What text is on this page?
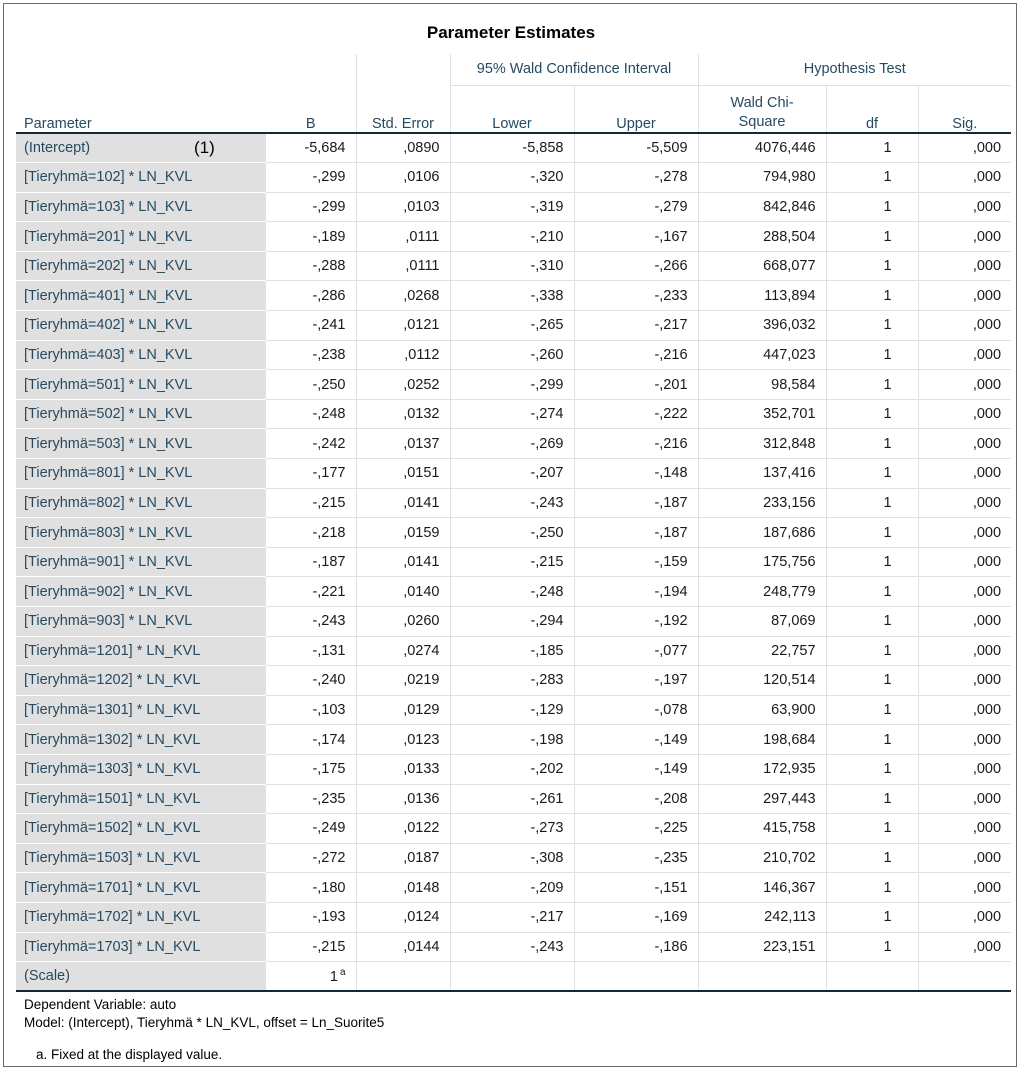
Parameter Estimates
			95% Wald Confidence Interval		Hypothesis Test		
Parameter	B	Std. Error	Lower	Upper	Wald Chi-Square	df	Sig.
(Intercept) (1)	-5,684	,0890	-5,858	-5,509	4076,446	1	,000
[Tieryhmä=102] * LN_KVL	-,299	,0106	-,320	-,278	794,980	1	,000
[Tieryhmä=103] * LN_KVL	-,299	,0103	-,319	-,279	842,846	1	,000
[Tieryhmä=201] * LN_KVL	-,189	,0111	-,210	-,167	288,504	1	,000
[Tieryhmä=202] * LN_KVL	-,288	,0111	-,310	-,266	668,077	1	,000
[Tieryhmä=401] * LN_KVL	-,286	,0268	-,338	-,233	113,894	1	,000
[Tieryhmä=402] * LN_KVL	-,241	,0121	-,265	-,217	396,032	1	,000
[Tieryhmä=403] * LN_KVL	-,238	,0112	-,260	-,216	447,023	1	,000
[Tieryhmä=501] * LN_KVL	-,250	,0252	-,299	-,201	98,584	1	,000
[Tieryhmä=502] * LN_KVL	-,248	,0132	-,274	-,222	352,701	1	,000
[Tieryhmä=503] * LN_KVL	-,242	,0137	-,269	-,216	312,848	1	,000
[Tieryhmä=801] * LN_KVL	-,177	,0151	-,207	-,148	137,416	1	,000
[Tieryhmä=802] * LN_KVL	-,215	,0141	-,243	-,187	233,156	1	,000
[Tieryhmä=803] * LN_KVL	-,218	,0159	-,250	-,187	187,686	1	,000
[Tieryhmä=901] * LN_KVL	-,187	,0141	-,215	-,159	175,756	1	,000
[Tieryhmä=902] * LN_KVL	-,221	,0140	-,248	-,194	248,779	1	,000
[Tieryhmä=903] * LN_KVL	-,243	,0260	-,294	-,192	87,069	1	,000
[Tieryhmä=1201] * LN_KVL	-,131	,0274	-,185	-,077	22,757	1	,000
[Tieryhmä=1202] * LN_KVL	-,240	,0219	-,283	-,197	120,514	1	,000
[Tieryhmä=1301] * LN_KVL	-,103	,0129	-,129	-,078	63,900	1	,000
[Tieryhmä=1302] * LN_KVL	-,174	,0123	-,198	-,149	198,684	1	,000
[Tieryhmä=1303] * LN_KVL	-,175	,0133	-,202	-,149	172,935	1	,000
[Tieryhmä=1501] * LN_KVL	-,235	,0136	-,261	-,208	297,443	1	,000
[Tieryhmä=1502] * LN_KVL	-,249	,0122	-,273	-,225	415,758	1	,000
[Tieryhmä=1503] * LN_KVL	-,272	,0187	-,308	-,235	210,702	1	,000
[Tieryhmä=1701] * LN_KVL	-,180	,0148	-,209	-,151	146,367	1	,000
[Tieryhmä=1702] * LN_KVL	-,193	,0124	-,217	-,169	242,113	1	,000
[Tieryhmä=1703] * LN_KVL	-,215	,0144	-,243	-,186	223,151	1	,000
(Scale)	1 $^a$						
Dependent Variable: auto
Model: (Intercept), Tieryhmä * LN_KVL, offset = Ln_Suorite5
a. Fixed at the displayed value.
